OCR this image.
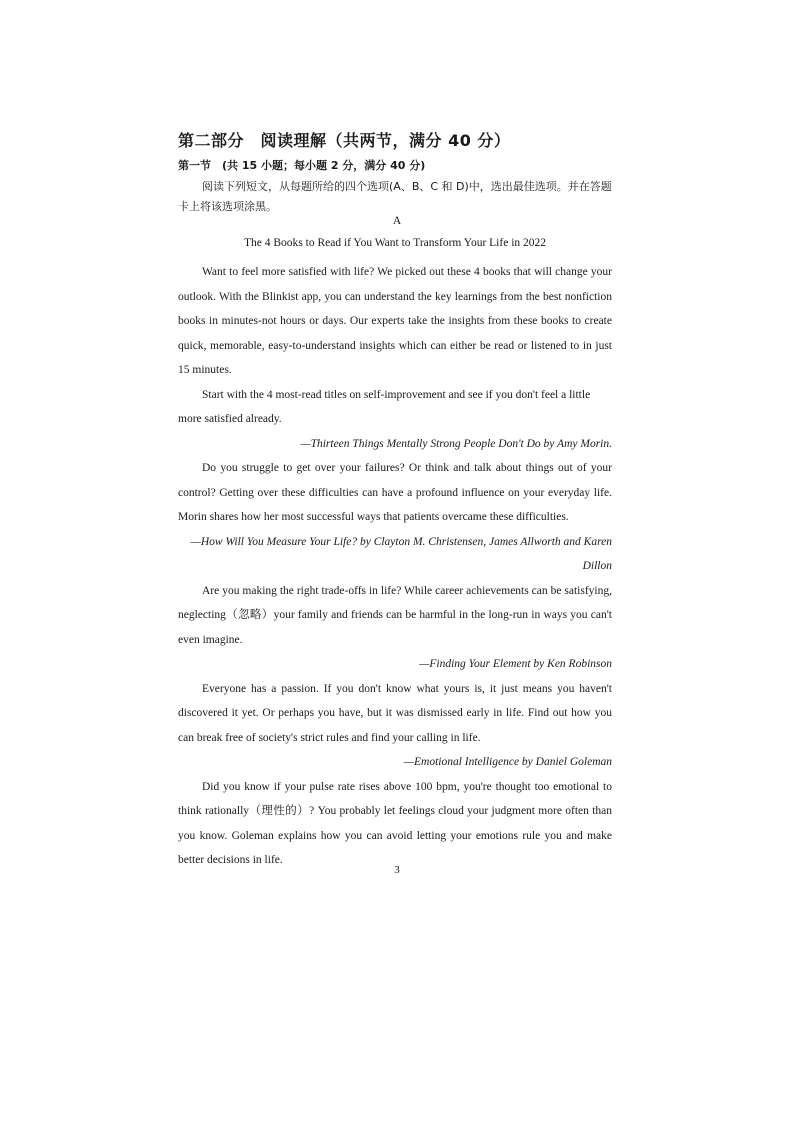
第二部分　阅读理解（共两节，满分 40 分）
第一节　(共 15 小题；每小题 2 分，满分 40 分)
阅读下列短文，从每题所给的四个选项(A、B、C 和 D)中，选出最佳选项。并在答题卡上将该选项涂黑。
A
The 4 Books to Read if You Want to Transform Your Life in 2022

Want to feel more satisfied with life? We picked out these 4 books that will change your outlook. With the Blinkist app, you can understand the key learnings from the best nonfiction books in minutes-not hours or days. Our experts take the insights from these books to create quick, memorable, easy-to-understand insights which can either be read or listened to in just 15 minutes.

Start with the 4 most-read titles on self-improvement and see if you don't feel a little more satisfied already.

—Thirteen Things Mentally Strong People Don't Do by Amy Morin.

Do you struggle to get over your failures? Or think and talk about things out of your control? Getting over these difficulties can have a profound influence on your everyday life. Morin shares how her most successful ways that patients overcame these difficulties.

—How Will You Measure Your Life? by Clayton M. Christensen, James Allworth and Karen Dillon

Are you making the right trade-offs in life? While career achievements can be satisfying, neglecting（忽略）your family and friends can be harmful in the long-run in ways you can't even imagine.

—Finding Your Element by Ken Robinson

Everyone has a passion. If you don't know what yours is, it just means you haven't discovered it yet. Or perhaps you have, but it was dismissed early in life. Find out how you can break free of society's strict rules and find your calling in life.

—Emotional Intelligence by Daniel Goleman

Did you know if your pulse rate rises above 100 bpm, you're thought too emotional to think rationally（理性的）? You probably let feelings cloud your judgment more often than you know. Goleman explains how you can avoid letting your emotions rule you and make better decisions in life.

3
